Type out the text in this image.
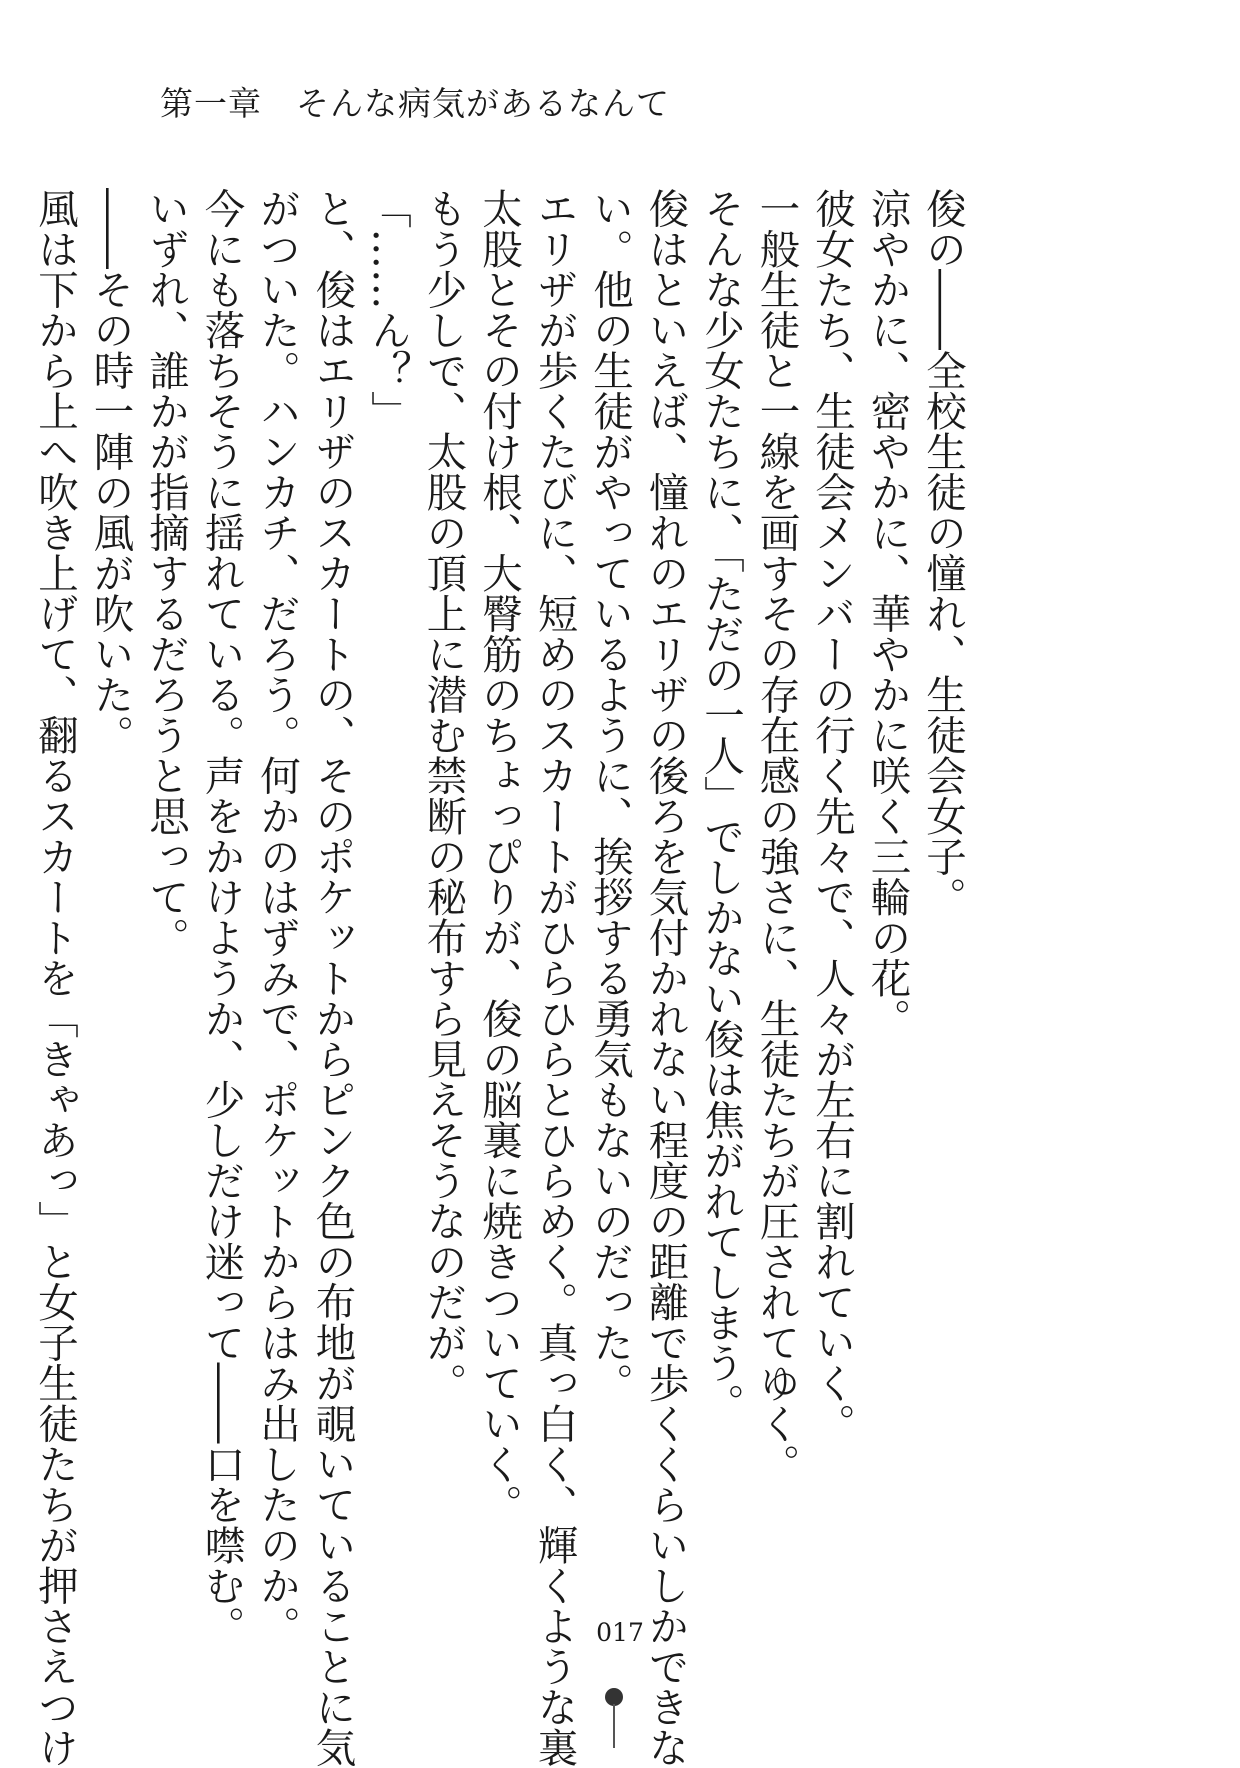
第一章　そんな病気があるなんて
俊の――全校生徒の憧れ、生徒会女子。
涼やかに、密やかに、華やかに咲く三輪の花。
彼女たち、生徒会メンバーの行く先々で、人々が左右に割れていく。
一般生徒と一線を画すその存在感の強さに、生徒たちが圧されてゆく。
そんな少女たちに、「ただの一人」でしかない俊は焦がれてしまう。
俊はといえば、憧れのエリザの後ろを気付かれない程度の距離で歩くくらいしかできな
い。他の生徒がやっているように、挨拶する勇気もないのだった。
エリザが歩くたびに、短めのスカートがひらひらとひらめく。真っ白く、輝くような裏
太股とその付け根、大臀筋のちょっぴりが、俊の脳裏に焼きついていく。
もう少しで、太股の頂上に潜む禁断の秘布すら見えそうなのだが。
「……ん？」
と、俊はエリザのスカートの、そのポケットからピンク色の布地が覗いていることに気
がついた。ハンカチ、だろう。何かのはずみで、ポケットからはみ出したのか。
今にも落ちそうに揺れている。声をかけようか、少しだけ迷って――口を噤む。
いずれ、誰かが指摘するだろうと思って。
――その時一陣の風が吹いた。
風は下から上へ吹き上げて、翻るスカートを「きゃあっ」と女子生徒たちが押さえつけ	017
